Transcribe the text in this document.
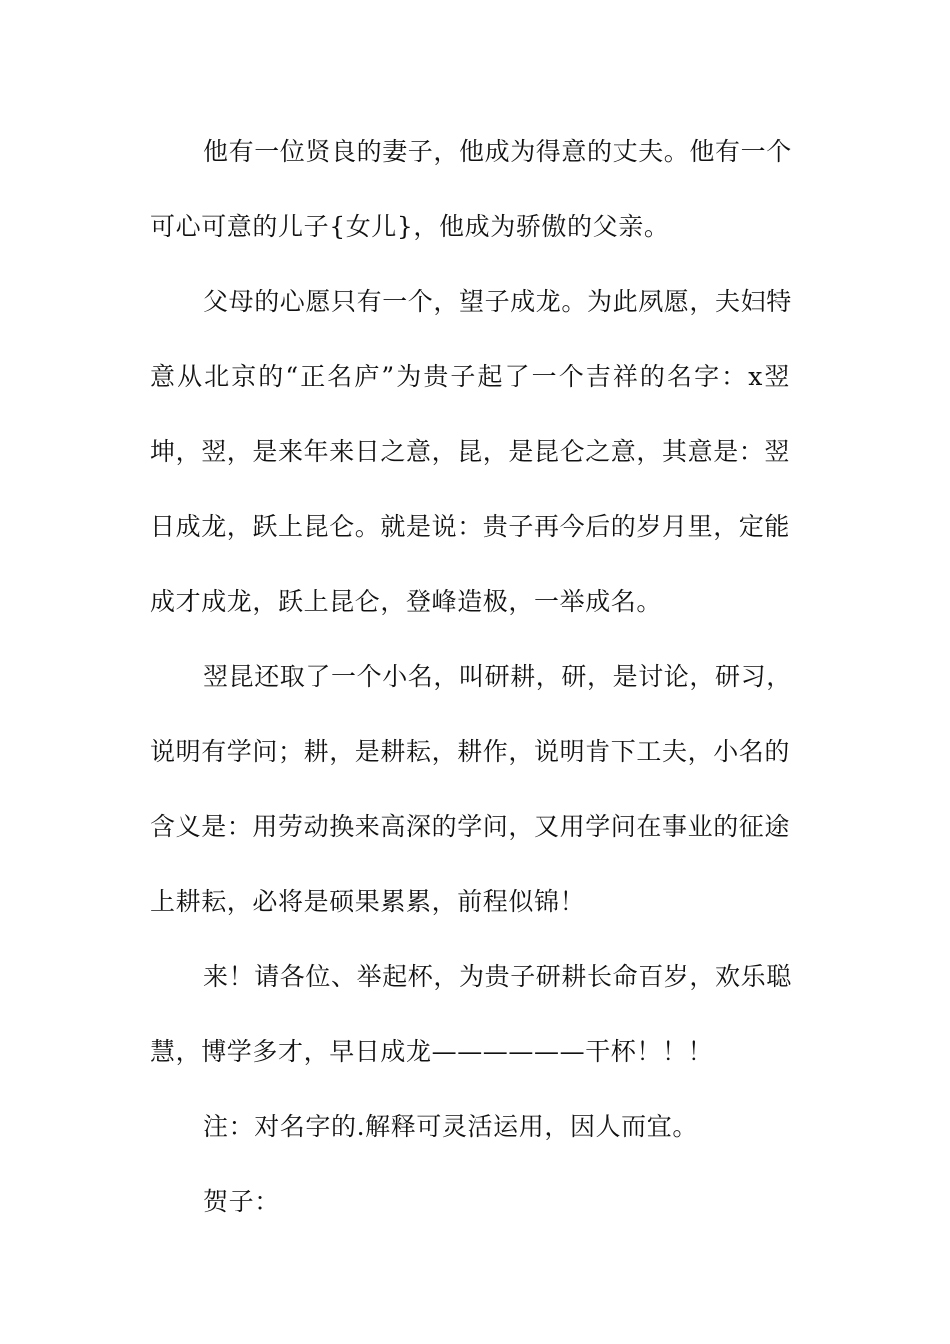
他有一位贤良的妻子，他成为得意的丈夫。他有一个
可心可意的儿子{女儿}，他成为骄傲的父亲。
父母的心愿只有一个，望子成龙。为此夙愿，夫妇特
意从北京的“正名庐”为贵子起了一个吉祥的名字：x翌
坤，翌，是来年来日之意，昆，是昆仑之意，其意是：翌
日成龙，跃上昆仑。就是说：贵子再今后的岁月里，定能
成才成龙，跃上昆仑，登峰造极，一举成名。
翌昆还取了一个小名，叫研耕，研，是讨论，研习，
说明有学问；耕，是耕耘，耕作，说明肯下工夫，小名的
含义是：用劳动换来高深的学问，又用学问在事业的征途
上耕耘，必将是硕果累累，前程似锦！
来！请各位、举起杯，为贵子研耕长命百岁，欢乐聪
慧，博学多才，早日成龙——————干杯！！！
注：对名字的.解释可灵活运用，因人而宜。
贺子：
